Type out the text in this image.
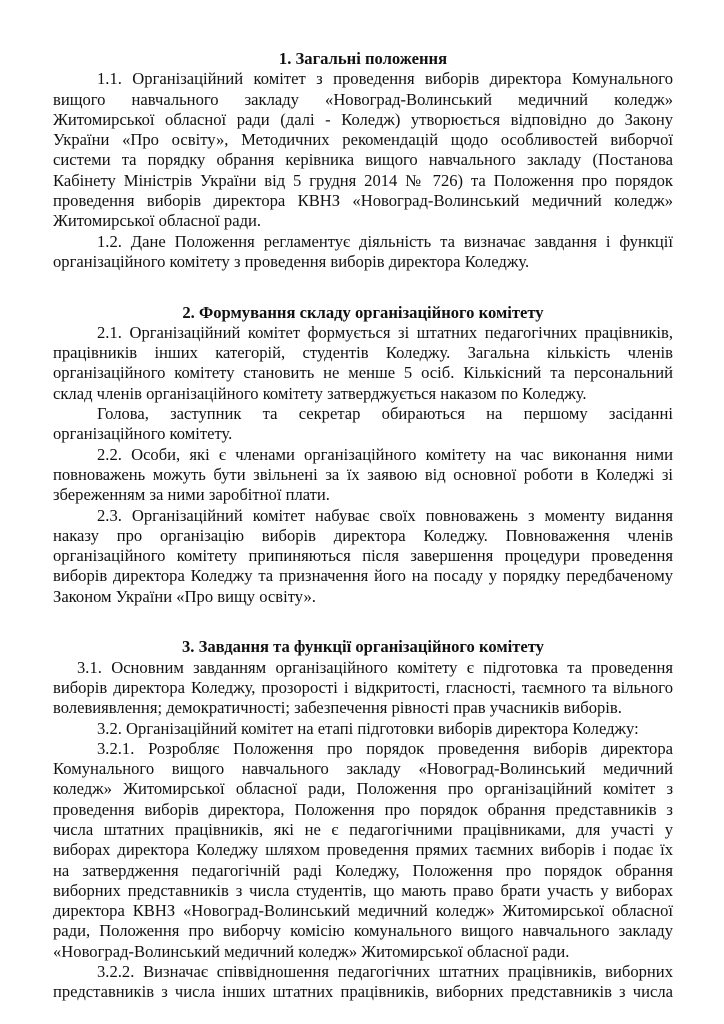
1. Загальні положення
1.1. Організаційний комітет з проведення виборів директора Комунального
вищого навчального закладу «Новоград-Волинський медичний коледж»
Житомирської обласної ради (далі - Коледж) утворюється відповідно до Закону
України «Про освіту», Методичних рекомендацій щодо особливостей виборчої
системи та порядку обрання керівника вищого навчального закладу (Постанова
Кабінету Міністрів України від 5 грудня 2014 № 726) та Положення про порядок
проведення виборів директора КВНЗ «Новоград-Волинський медичний коледж»
Житомирської обласної ради.
1.2. Дане Положення регламентує діяльність та визначає завдання і функції
організаційного комітету з проведення виборів директора Коледжу.
2. Формування складу організаційного комітету
2.1. Організаційний комітет формується зі штатних педагогічних працівників,
працівників інших категорій, студентів Коледжу. Загальна кількість членів
організаційного комітету становить не менше 5 осіб. Кількісний та персональний
склад членів організаційного комітету затверджується наказом по Коледжу.
Голова, заступник та секретар обираються на першому засіданні
організаційного комітету.
2.2. Особи, які є членами організаційного комітету на час виконання ними
повноважень можуть бути звільнені за їх заявою від основної роботи в Коледжі зі
збереженням за ними заробітної плати.
2.3. Організаційний комітет набуває своїх повноважень з моменту видання
наказу про організацію виборів директора Коледжу. Повноваження членів
організаційного комітету припиняються після завершення процедури проведення
виборів директора Коледжу та призначення його на посаду у порядку передбаченому
Законом України «Про вищу освіту».
3. Завдання та функції організаційного комітету
3.1. Основним завданням організаційного комітету є підготовка та проведення
виборів директора Коледжу, прозорості і відкритості, гласності, таємного та вільного
волевиявлення; демократичності; забезпечення рівності прав учасників виборів.
3.2. Організаційний комітет на етапі підготовки виборів директора Коледжу:
3.2.1. Розробляє Положення про порядок проведення виборів директора
Комунального вищого навчального закладу «Новоград-Волинський медичний
коледж» Житомирської обласної ради, Положення про організаційний комітет з
проведення виборів директора, Положення про порядок обрання представників з
числа штатних працівників, які не є педагогічними працівниками, для участі у
виборах директора Коледжу шляхом проведення прямих таємних виборів і подає їх
на затвердження педагогічній раді Коледжу, Положення про порядок обрання
виборних представників з числа студентів, що мають право брати участь у виборах
директора КВНЗ «Новоград-Волинський медичний коледж» Житомирської обласної
ради, Положення про виборчу комісію комунального вищого навчального закладу
«Новоград-Волинський медичний коледж» Житомирської обласної ради.
3.2.2. Визначає співвідношення педагогічних штатних працівників, виборних
представників з числа інших штатних працівників, виборних представників з числа
